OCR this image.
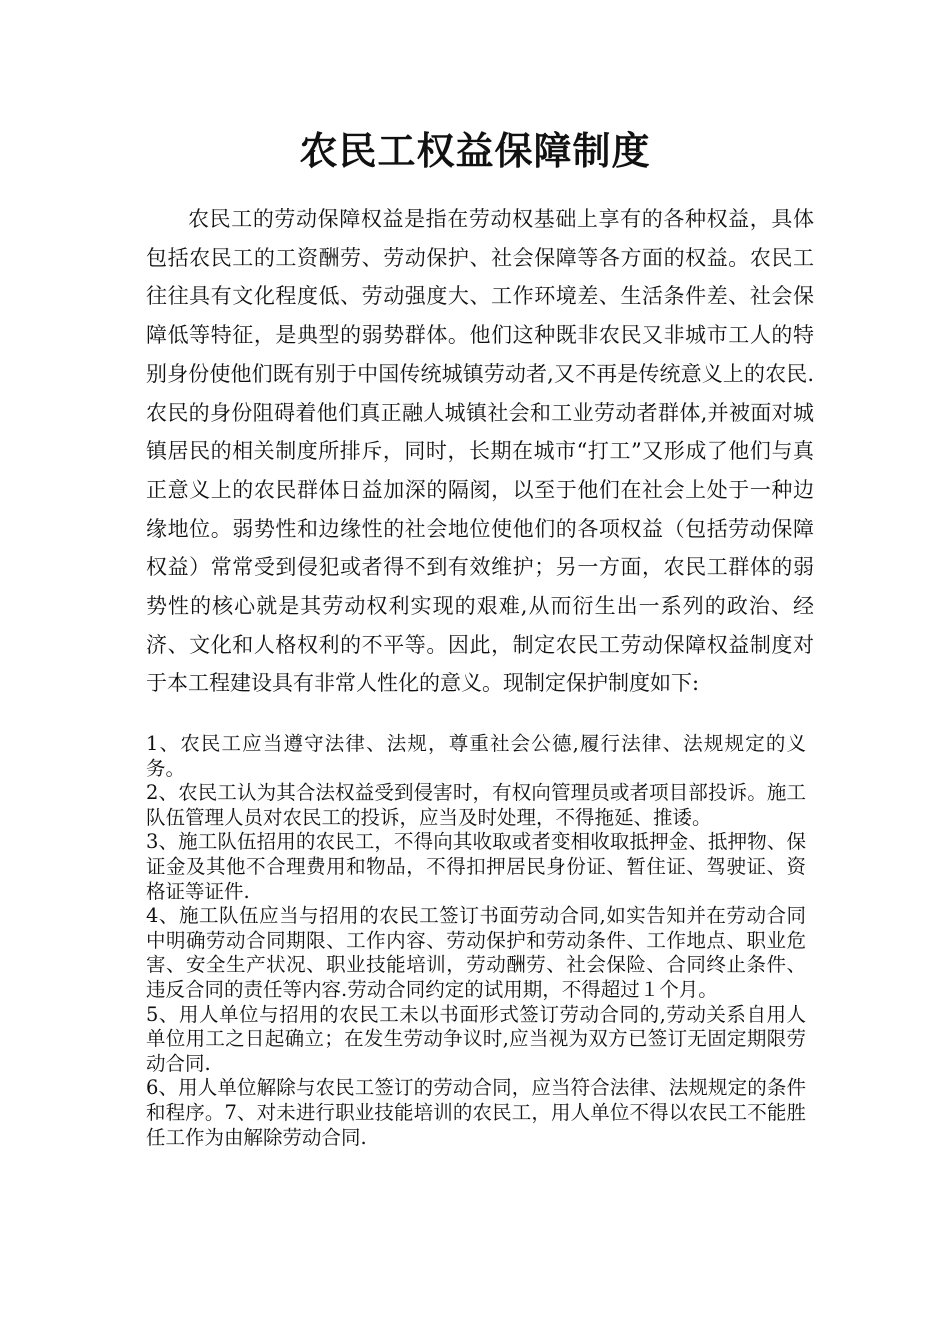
农民工权益保障制度

农民工的劳动保障权益是指在劳动权基础上享有的各种权益，具体包括农民工的工资酬劳、劳动保护、社会保障等各方面的权益。农民工往往具有文化程度低、劳动强度大、工作环境差、生活条件差、社会保障低等特征，是典型的弱势群体。他们这种既非农民又非城市工人的特别身份使他们既有别于中国传统城镇劳动者,又不再是传统意义上的农民.农民的身份阻碍着他们真正融人城镇社会和工业劳动者群体,并被面对城镇居民的相关制度所排斥，同时，长期在城市“打工”又形成了他们与真正意义上的农民群体日益加深的隔阂，以至于他们在社会上处于一种边缘地位。弱势性和边缘性的社会地位使他们的各项权益（包括劳动保障权益）常常受到侵犯或者得不到有效维护；另一方面，农民工群体的弱势性的核心就是其劳动权利实现的艰难,从而衍生出一系列的政治、经济、文化和人格权利的不平等。因此，制定农民工劳动保障权益制度对于本工程建设具有非常人性化的意义。现制定保护制度如下:

1、农民工应当遵守法律、法规，尊重社会公德,履行法律、法规规定的义务。
2、农民工认为其合法权益受到侵害时，有权向管理员或者项目部投诉。施工队伍管理人员对农民工的投诉，应当及时处理，不得拖延、推诿。
3、施工队伍招用的农民工，不得向其收取或者变相收取抵押金、抵押物、保证金及其他不合理费用和物品，不得扣押居民身份证、暂住证、驾驶证、资格证等证件.
4、施工队伍应当与招用的农民工签订书面劳动合同,如实告知并在劳动合同中明确劳动合同期限、工作内容、劳动保护和劳动条件、工作地点、职业危害、安全生产状况、职业技能培训，劳动酬劳、社会保险、合同终止条件、违反合同的责任等内容.劳动合同约定的试用期，不得超过１个月。
5、用人单位与招用的农民工未以书面形式签订劳动合同的,劳动关系自用人单位用工之日起确立；在发生劳动争议时,应当视为双方已签订无固定期限劳动合同.
6、用人单位解除与农民工签订的劳动合同，应当符合法律、法规规定的条件和程序。7、对未进行职业技能培训的农民工，用人单位不得以农民工不能胜任工作为由解除劳动合同.
